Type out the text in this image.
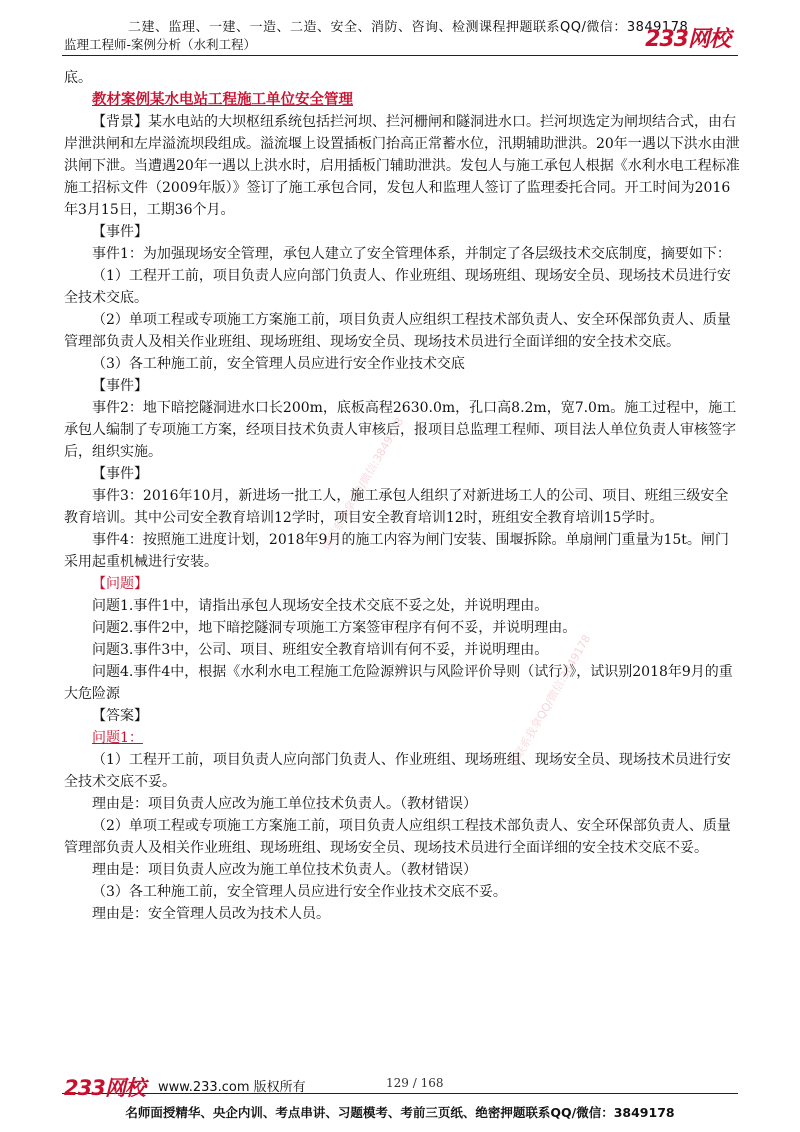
二建、监理、一建、一造、二造、安全、消防、咨询、检测课程押题联系QQ/微信：3849178
监理工程师-案例分析（水利工程）	233网校
请联系我拿QQ/微信:3849178
请联系我拿QQ/微信:3849178

底。

教材案例某水电站工程施工单位安全管理

【背景】某水电站的大坝枢纽系统包括拦河坝、拦河栅闸和隧洞进水口。拦河坝选定为闸坝结合式，由右岸泄洪闸和左岸溢流坝段组成。溢流堰上设置插板门抬高正常蓄水位，汛期辅助泄洪。20年一遇以下洪水由泄洪闸下泄。当遭遇20年一遇以上洪水时，启用插板门辅助泄洪。发包人与施工承包人根据《水利水电工程标准施工招标文件（2009年版）》签订了施工承包合同，发包人和监理人签订了监理委托合同。开工时间为2016年3月15日，工期36个月。

【事件】

事件1：为加强现场安全管理，承包人建立了安全管理体系，并制定了各层级技术交底制度，摘要如下：

（1）工程开工前，项目负责人应向部门负责人、作业班组、现场班组、现场安全员、现场技术员进行安全技术交底。

（2）单项工程或专项施工方案施工前，项目负责人应组织工程技术部负责人、安全环保部负责人、质量管理部负责人及相关作业班组、现场班组、现场安全员、现场技术员进行全面详细的安全技术交底。

（3）各工种施工前，安全管理人员应进行安全作业技术交底

【事件】

事件2：地下暗挖隧洞进水口长200m，底板高程2630.0m，孔口高8.2m，宽7.0m。施工过程中，施工承包人编制了专项施工方案，经项目技术负责人审核后，报项目总监理工程师、项目法人单位负责人审核签字后，组织实施。

【事件】

事件3：2016年10月，新进场一批工人，施工承包人组织了对新进场工人的公司、项目、班组三级安全教育培训。其中公司安全教育培训12学时，项目安全教育培训12时，班组安全教育培训15学时。

事件4：按照施工进度计划，2018年9月的施工内容为闸门安装、围堰拆除。单扇闸门重量为15t。闸门采用起重机械进行安装。

【问题】

问题1.事件1中，请指出承包人现场安全技术交底不妥之处，并说明理由。

问题2.事件2中，地下暗挖隧洞专项施工方案签审程序有何不妥，并说明理由。

问题3.事件3中，公司、项目、班组安全教育培训有何不妥，并说明理由。

问题4.事件4中，根据《水利水电工程施工危险源辨识与风险评价导则（试行）》，试识别2018年9月的重大危险源

【答案】

问题1：

（1）工程开工前，项目负责人应向部门负责人、作业班组、现场班组、现场安全员、现场技术员进行安全技术交底不妥。

理由是：项目负责人应改为施工单位技术负责人。（教材错误）

（2）单项工程或专项施工方案施工前，项目负责人应组织工程技术部负责人、安全环保部负责人、质量管理部负责人及相关作业班组、现场班组、现场安全员、现场技术员进行全面详细的安全技术交底不妥。

理由是：项目负责人应改为施工单位技术负责人。（教材错误）

（3）各工种施工前，安全管理人员应进行安全作业技术交底不妥。

理由是：安全管理人员改为技术人员。

233网校 www.233.com 版权所有	129 / 168
名师面授精华、央企内训、考点串讲、习题模考、考前三页纸、绝密押题联系QQ/微信：3849178
